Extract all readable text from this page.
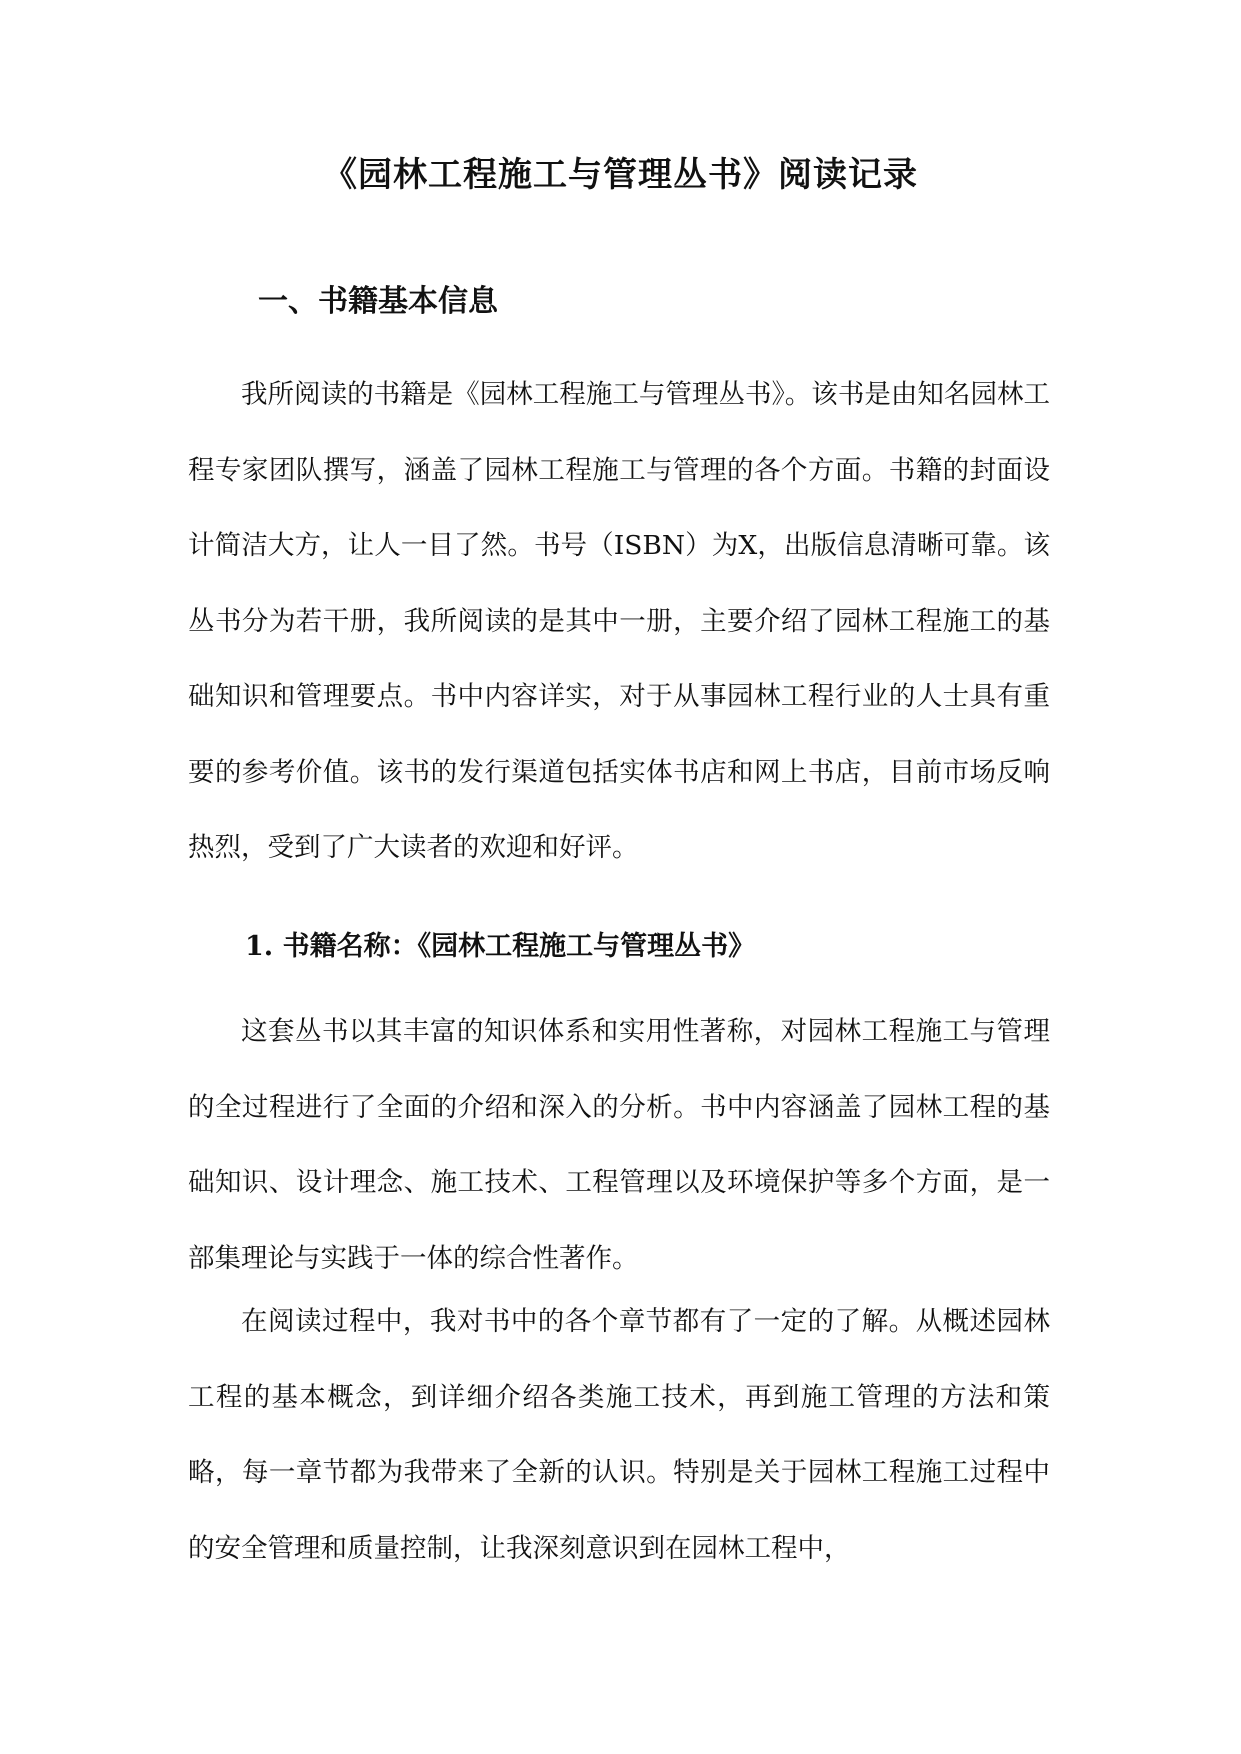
《园林工程施工与管理丛书》阅读记录
一、书籍基本信息

我所阅读的书籍是《园林工程施工与管理丛书》。该书是由知名园林工程专家团队撰写，涵盖了园林工程施工与管理的各个方面。书籍的封面设计简洁大方，让人一目了然。书号（ISBN）为X，出版信息清晰可靠。该丛书分为若干册，我所阅读的是其中一册，主要介绍了园林工程施工的基础知识和管理要点。书中内容详实，对于从事园林工程行业的人士具有重要的参考价值。该书的发行渠道包括实体书店和网上书店，目前市场反响热烈，受到了广大读者的欢迎和好评。

1. 书籍名称：《园林工程施工与管理丛书》

这套丛书以其丰富的知识体系和实用性著称，对园林工程施工与管理的全过程进行了全面的介绍和深入的分析。书中内容涵盖了园林工程的基础知识、设计理念、施工技术、工程管理以及环境保护等多个方面，是一部集理论与实践于一体的综合性著作。

在阅读过程中，我对书中的各个章节都有了一定的了解。从概述园林工程的基本概念，到详细介绍各类施工技术，再到施工管理的方法和策略，每一章节都为我带来了全新的认识。特别是关于园林工程施工过程中的安全管理和质量控制，让我深刻意识到在园林工程中，
